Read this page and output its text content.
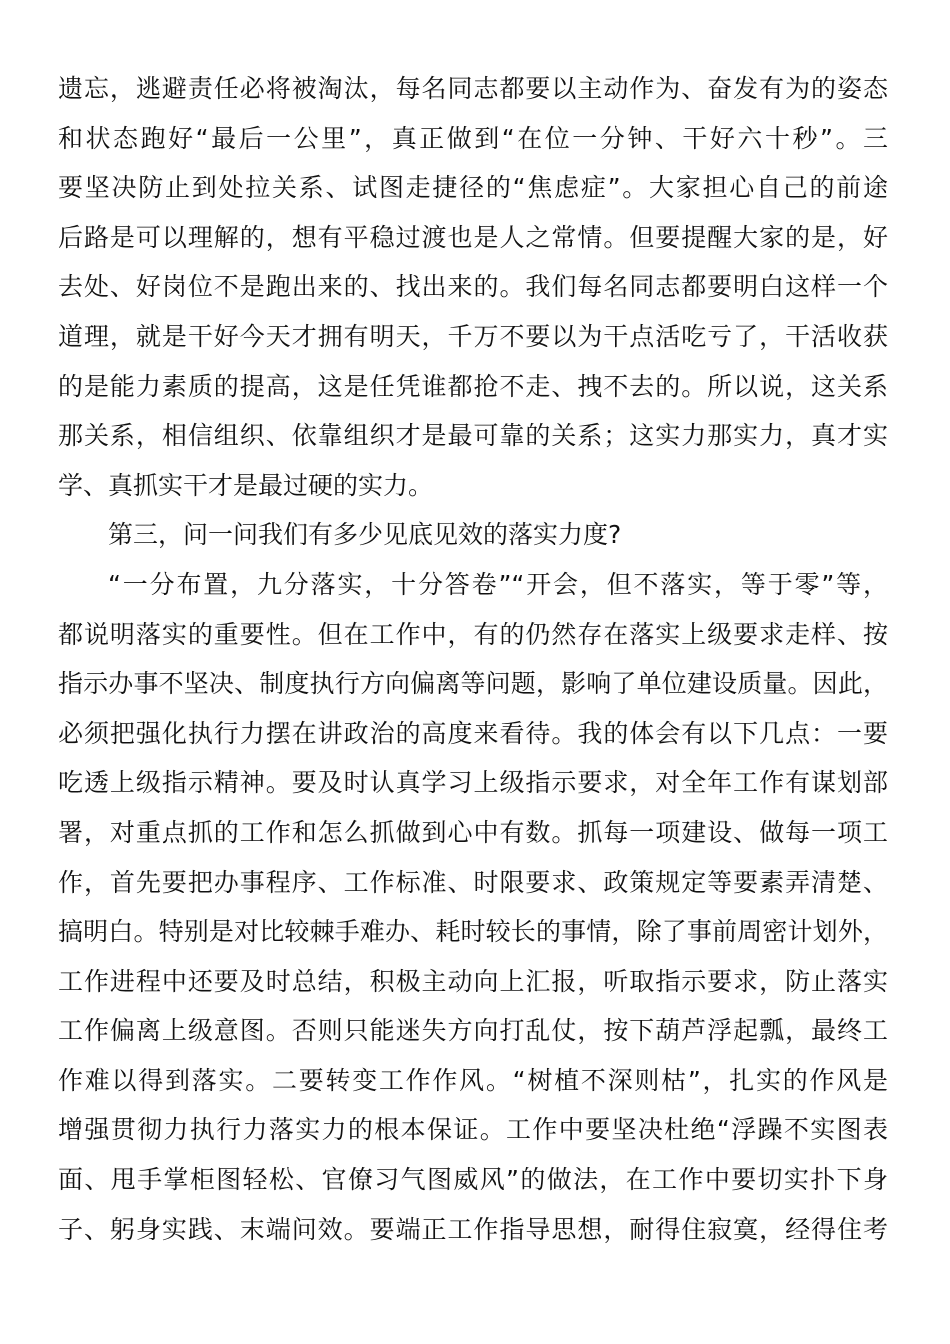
遗忘，逃避责任必将被淘汰，每名同志都要以主动作为、奋发有为的姿态
和状态跑好“最后一公里”，真正做到“在位一分钟、干好六十秒”。三
要坚决防止到处拉关系、试图走捷径的“焦虑症”。大家担心自己的前途
后路是可以理解的，想有平稳过渡也是人之常情。但要提醒大家的是，好
去处、好岗位不是跑出来的、找出来的。我们每名同志都要明白这样一个
道理，就是干好今天才拥有明天，千万不要以为干点活吃亏了，干活收获
的是能力素质的提高，这是任凭谁都抢不走、拽不去的。所以说，这关系
那关系，相信组织、依靠组织才是最可靠的关系；这实力那实力，真才实
学、真抓实干才是最过硬的实力。
第三，问一问我们有多少见底见效的落实力度?
“一分布置，九分落实，十分答卷”“开会，但不落实，等于零”等，
都说明落实的重要性。但在工作中，有的仍然存在落实上级要求走样、按
指示办事不坚决、制度执行方向偏离等问题，影响了单位建设质量。因此，
必须把强化执行力摆在讲政治的高度来看待。我的体会有以下几点：一要
吃透上级指示精神。要及时认真学习上级指示要求，对全年工作有谋划部
署，对重点抓的工作和怎么抓做到心中有数。抓每一项建设、做每一项工
作，首先要把办事程序、工作标准、时限要求、政策规定等要素弄清楚、
搞明白。特别是对比较棘手难办、耗时较长的事情，除了事前周密计划外，
工作进程中还要及时总结，积极主动向上汇报，听取指示要求，防止落实
工作偏离上级意图。否则只能迷失方向打乱仗，按下葫芦浮起瓢，最终工
作难以得到落实。二要转变工作作风。“树植不深则枯”，扎实的作风是
增强贯彻力执行力落实力的根本保证。工作中要坚决杜绝“浮躁不实图表
面、甩手掌柜图轻松、官僚习气图威风”的做法，在工作中要切实扑下身
子、躬身实践、末端问效。要端正工作指导思想，耐得住寂寞，经得住考
